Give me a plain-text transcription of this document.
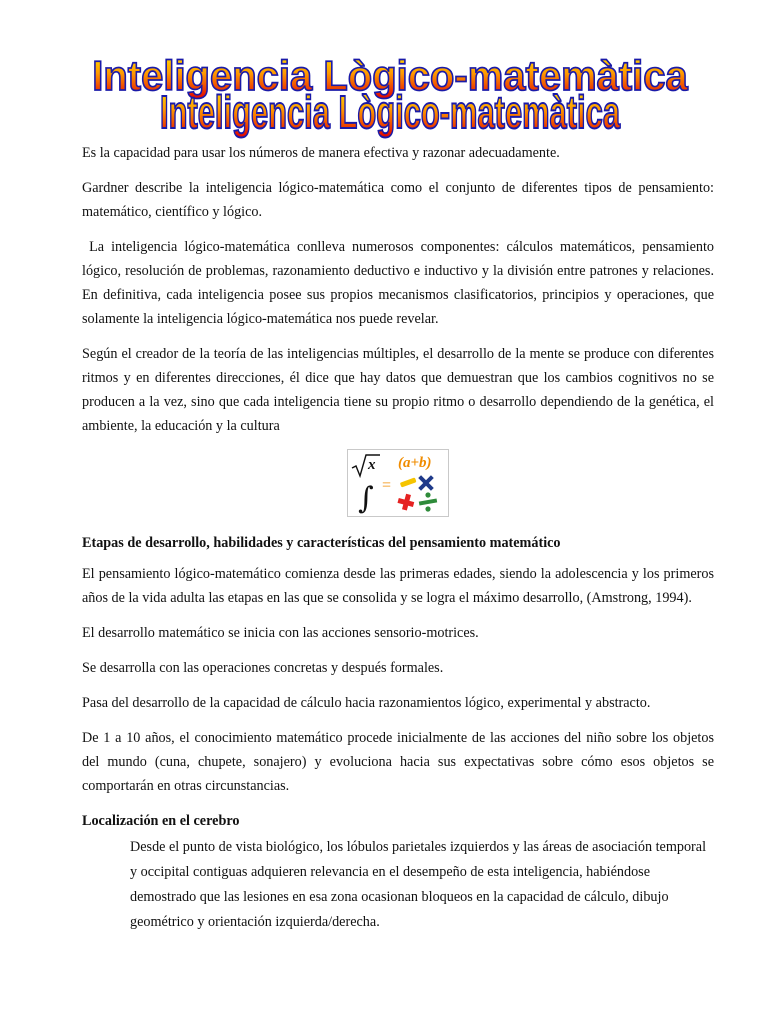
Inteligencia Lògico-matemàtica
Inteligencia Lògico-matemàtica

Es la capacidad para usar los números de manera efectiva y razonar adecuadamente.

Gardner describe la inteligencia lógico-matemática como el conjunto de diferentes tipos de pensamiento: matemático, científico y lógico.

La inteligencia lógico-matemática conlleva numerosos componentes: cálculos matemáticos, pensamiento lógico, resolución de problemas, razonamiento deductivo e inductivo y la división entre patrones y relaciones. En definitiva, cada inteligencia posee sus propios mecanismos clasificatorios, principios y operaciones, que solamente la inteligencia lógico-matemática nos puede revelar.

Según el creador de la teoría de las inteligencias múltiples, el desarrollo de la mente se produce con diferentes ritmos y en diferentes direcciones, él dice que hay datos que demuestran que los cambios cognitivos no se producen a la vez, sino que cada inteligencia tiene su propio ritmo o desarrollo dependiendo de la genética, el ambiente, la educación y la cultura

x
∫ =
(a+b)
Etapas de desarrollo, habilidades y características del pensamiento matemático

El pensamiento lógico-matemático comienza desde las primeras edades, siendo la adolescencia y los primeros años de la vida adulta las etapas en las que se consolida y se logra el máximo desarrollo, (Amstrong, 1994).

El desarrollo matemático se inicia con las acciones sensorio-motrices.

Se desarrolla con las operaciones concretas y después formales.

Pasa del desarrollo de la capacidad de cálculo hacia razonamientos lógico, experimental y abstracto.

De 1 a 10 años, el conocimiento matemático procede inicialmente de las acciones del niño sobre los objetos del mundo (cuna, chupete, sonajero) y evoluciona hacia sus expectativas sobre cómo esos objetos se comportarán en otras circunstancias.

Localización en el cerebro

Desde el punto de vista biológico, los lóbulos parietales izquierdos y las áreas de asociación temporal y occipital contiguas adquieren relevancia en el desempeño de esta inteligencia, habiéndose demostrado que las lesiones en esa zona ocasionan bloqueos en la capacidad de cálculo, dibujo geométrico y orientación izquierda/derecha.
